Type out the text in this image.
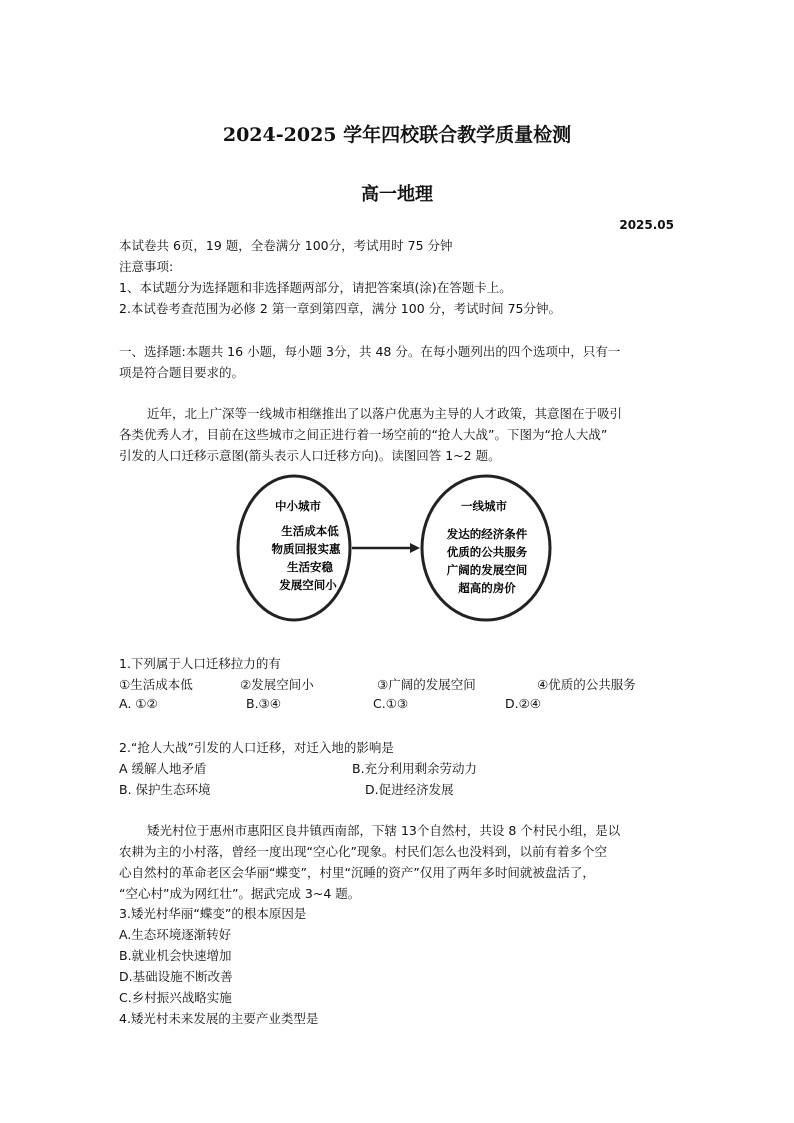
2024-2025 学年四校联合教学质量检测
高一地理
2025.05
本试卷共 6页，19 题，全卷满分 100分，考试用时 75 分钟
注意事项:
1、本试题分为选择题和非选择题两部分，请把答案填(涂)在答题卡上。
2.本试卷考查范围为必修 2 第一章到第四章，满分 100 分，考试时间 75分钟。
一、选择题:本题共 16 小题，每小题 3分，共 48 分。在每小题列出的四个选项中，只有一
项是符合题目要求的。
近年，北上广深等一线城市相继推出了以落户优惠为主导的人才政策，其意图在于吸引
各类优秀人才，目前在这些城市之间正进行着一场空前的“抢人大战”。下图为“抢人大战”
引发的人口迁移示意图(箭头表示人口迁移方向)。读图回答 1~2 题。
中小城市
生活成本低
物质回报实惠
生活安稳
发展空间小
一线城市
发达的经济条件
优质的公共服务
广阔的发展空间
超高的房价
1.下列属于人口迁移拉力的有
①生活成本低	②发展空间小	③广阔的发展空间	④优质的公共服务
A. ①②	B.③④	C.①③	D.②④
2.“抢人大战”引发的人口迁移，对迁入地的影响是
A 缓解人地矛盾	B.充分利用剩余劳动力
B. 保护生态环境	D.促进经济发展
矮光村位于惠州市惠阳区良井镇西南部，下辖 13个自然村，共设 8 个村民小组，是以
农耕为主的小村落，曾经一度出现“空心化”现象。村民们怎么也没料到，以前有着多个空
心自然村的革命老区会华丽“蝶变”，村里“沉睡的资产”仅用了两年多时间就被盘活了，
“空心村”成为网红壮”。据武完成 3~4 题。
3.矮光村华丽“蝶变”的根本原因是
A.生态环境逐渐转好
B.就业机会快速增加
D.基础设施不断改善
C.乡村振兴战略实施
4.矮光村未来发展的主要产业类型是
